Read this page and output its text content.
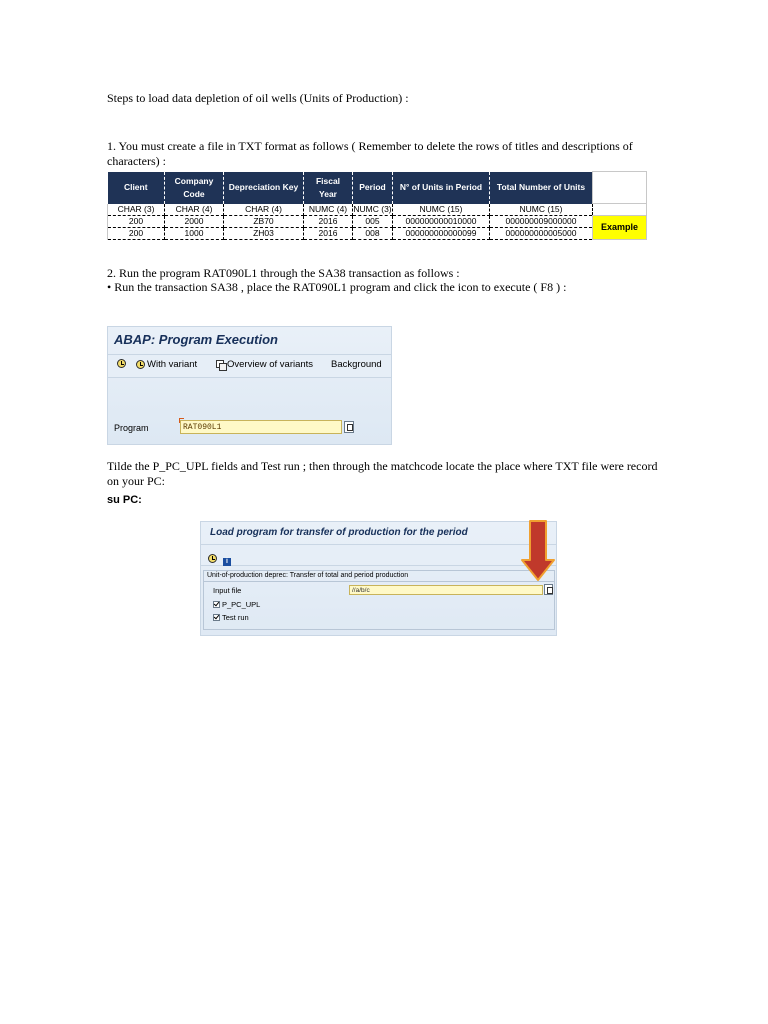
Steps to load data depletion of oil wells (Units of Production) :
1. You must create a file in TXT format as follows ( Remember to delete the rows of titles and descriptions of characters) :
Client	Company Code	Depreciation Key	Fiscal Year	Period	N° of Units in Period	Total Number of Units	
CHAR (3)	CHAR (4)	CHAR (4)	NUMC (4)	NUMC (3)	NUMC (15)	NUMC (15)	
200	2000	ZB70	2016	005	000000000010000	000000009000000	Example
200	1000	ZH03	2016	008	000000000000099	000000000005000	
2. Run the program RAT090L1 through the SA38 transaction as follows :
• Run the transaction SA38 , place the RAT090L1 program and click the icon to execute ( F8 ) :
ABAP: Program Execution
With variant	Overview of variants Background
Program	RAT090L1
Tilde the P_PC_UPL fields and Test run ; then through the matchcode locate the place where TXT file were record on your PC:
su PC:
Load program for transfer of production for the period
i
Unit-of-production deprec: Transfer of total and period production
Input file	//a/b/c
P_PC_UPL
Test run
